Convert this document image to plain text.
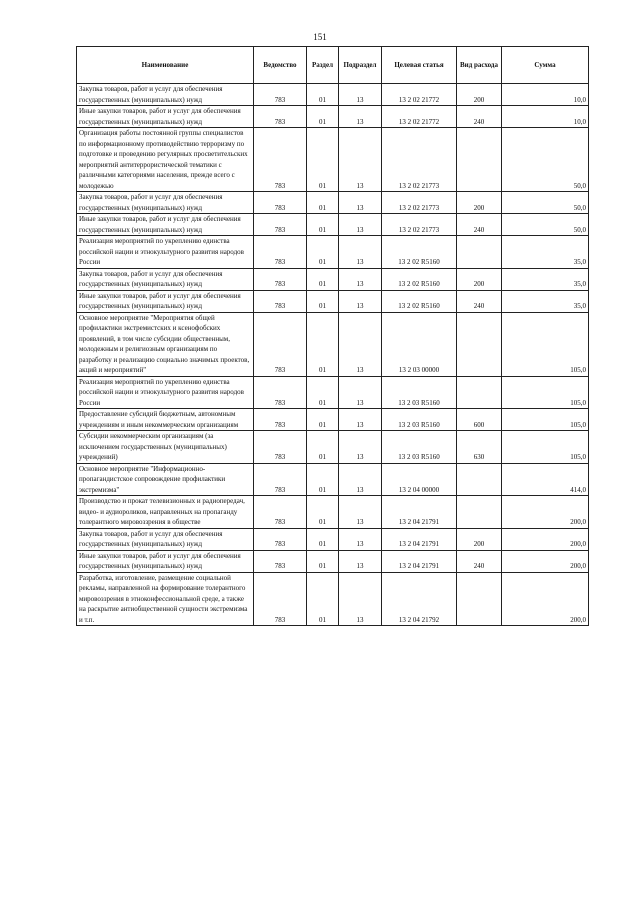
151
Наименование	Ведомство	Раздел	Подраздел	Целевая статья	Вид расхода	Сумма
Закупка товаров, работ и услуг для обеспечения государственных (муниципальных) нужд	783	01	13	13 2 02 21772	200	10,0
Иные закупки товаров, работ и услуг для обеспечения государственных (муниципальных) нужд	783	01	13	13 2 02 21772	240	10,0
Организация работы постоянной группы специалистов по информационному противодействию терроризму по подготовке и проведению регулярных просветительских мероприятий антитеррористической тематики с различными категориями населения, прежде всего с молодежью	783	01	13	13 2 02 21773		50,0
Закупка товаров, работ и услуг для обеспечения государственных (муниципальных) нужд	783	01	13	13 2 02 21773	200	50,0
Иные закупки товаров, работ и услуг для обеспечения государственных (муниципальных) нужд	783	01	13	13 2 02 21773	240	50,0
Реализация мероприятий по укреплению единства российской нации и этнокультурного развития народов России	783	01	13	13 2 02 R5160		35,0
Закупка товаров, работ и услуг для обеспечения государственных (муниципальных) нужд	783	01	13	13 2 02 R5160	200	35,0
Иные закупки товаров, работ и услуг для обеспечения государственных (муниципальных) нужд	783	01	13	13 2 02 R5160	240	35,0
Основное мероприятие "Мероприятия общей профилактики экстремистских и ксенофобских проявлений, в том числе субсидии общественным, молодежным и религиозным организациям по разработку и реализацию социально значимых проектов, акций и мероприятий"	783	01	13	13 2 03 00000		105,0
Реализация мероприятий по укреплению единства российской нации и этнокультурного развития народов России	783	01	13	13 2 03 R5160		105,0
Предоставление субсидий бюджетным, автономным учреждениям и иным некоммерческим организациям	783	01	13	13 2 03 R5160	600	105,0
Субсидии некоммерческим организациям (за исключением государственных (муниципальных) учреждений)	783	01	13	13 2 03 R5160	630	105,0
Основное мероприятие "Информационно-пропагандистское сопровождение профилактики экстремизма"	783	01	13	13 2 04 00000		414,0
Производство и прокат телевизионных и радиопередач, видео- и аудиороликов, направленных на пропаганду толерантного мировоззрения в обществе	783	01	13	13 2 04 21791		200,0
Закупка товаров, работ и услуг для обеспечения государственных (муниципальных) нужд	783	01	13	13 2 04 21791	200	200,0
Иные закупки товаров, работ и услуг для обеспечения государственных (муниципальных) нужд	783	01	13	13 2 04 21791	240	200,0
Разработка, изготовление, размещение социальной рекламы, направленной на формирование толерантного мировоззрения в этноконфессиональной среде, а также на раскрытие антиобщественной сущности экстремизма и т.п.	783	01	13	13 2 04 21792		200,0
